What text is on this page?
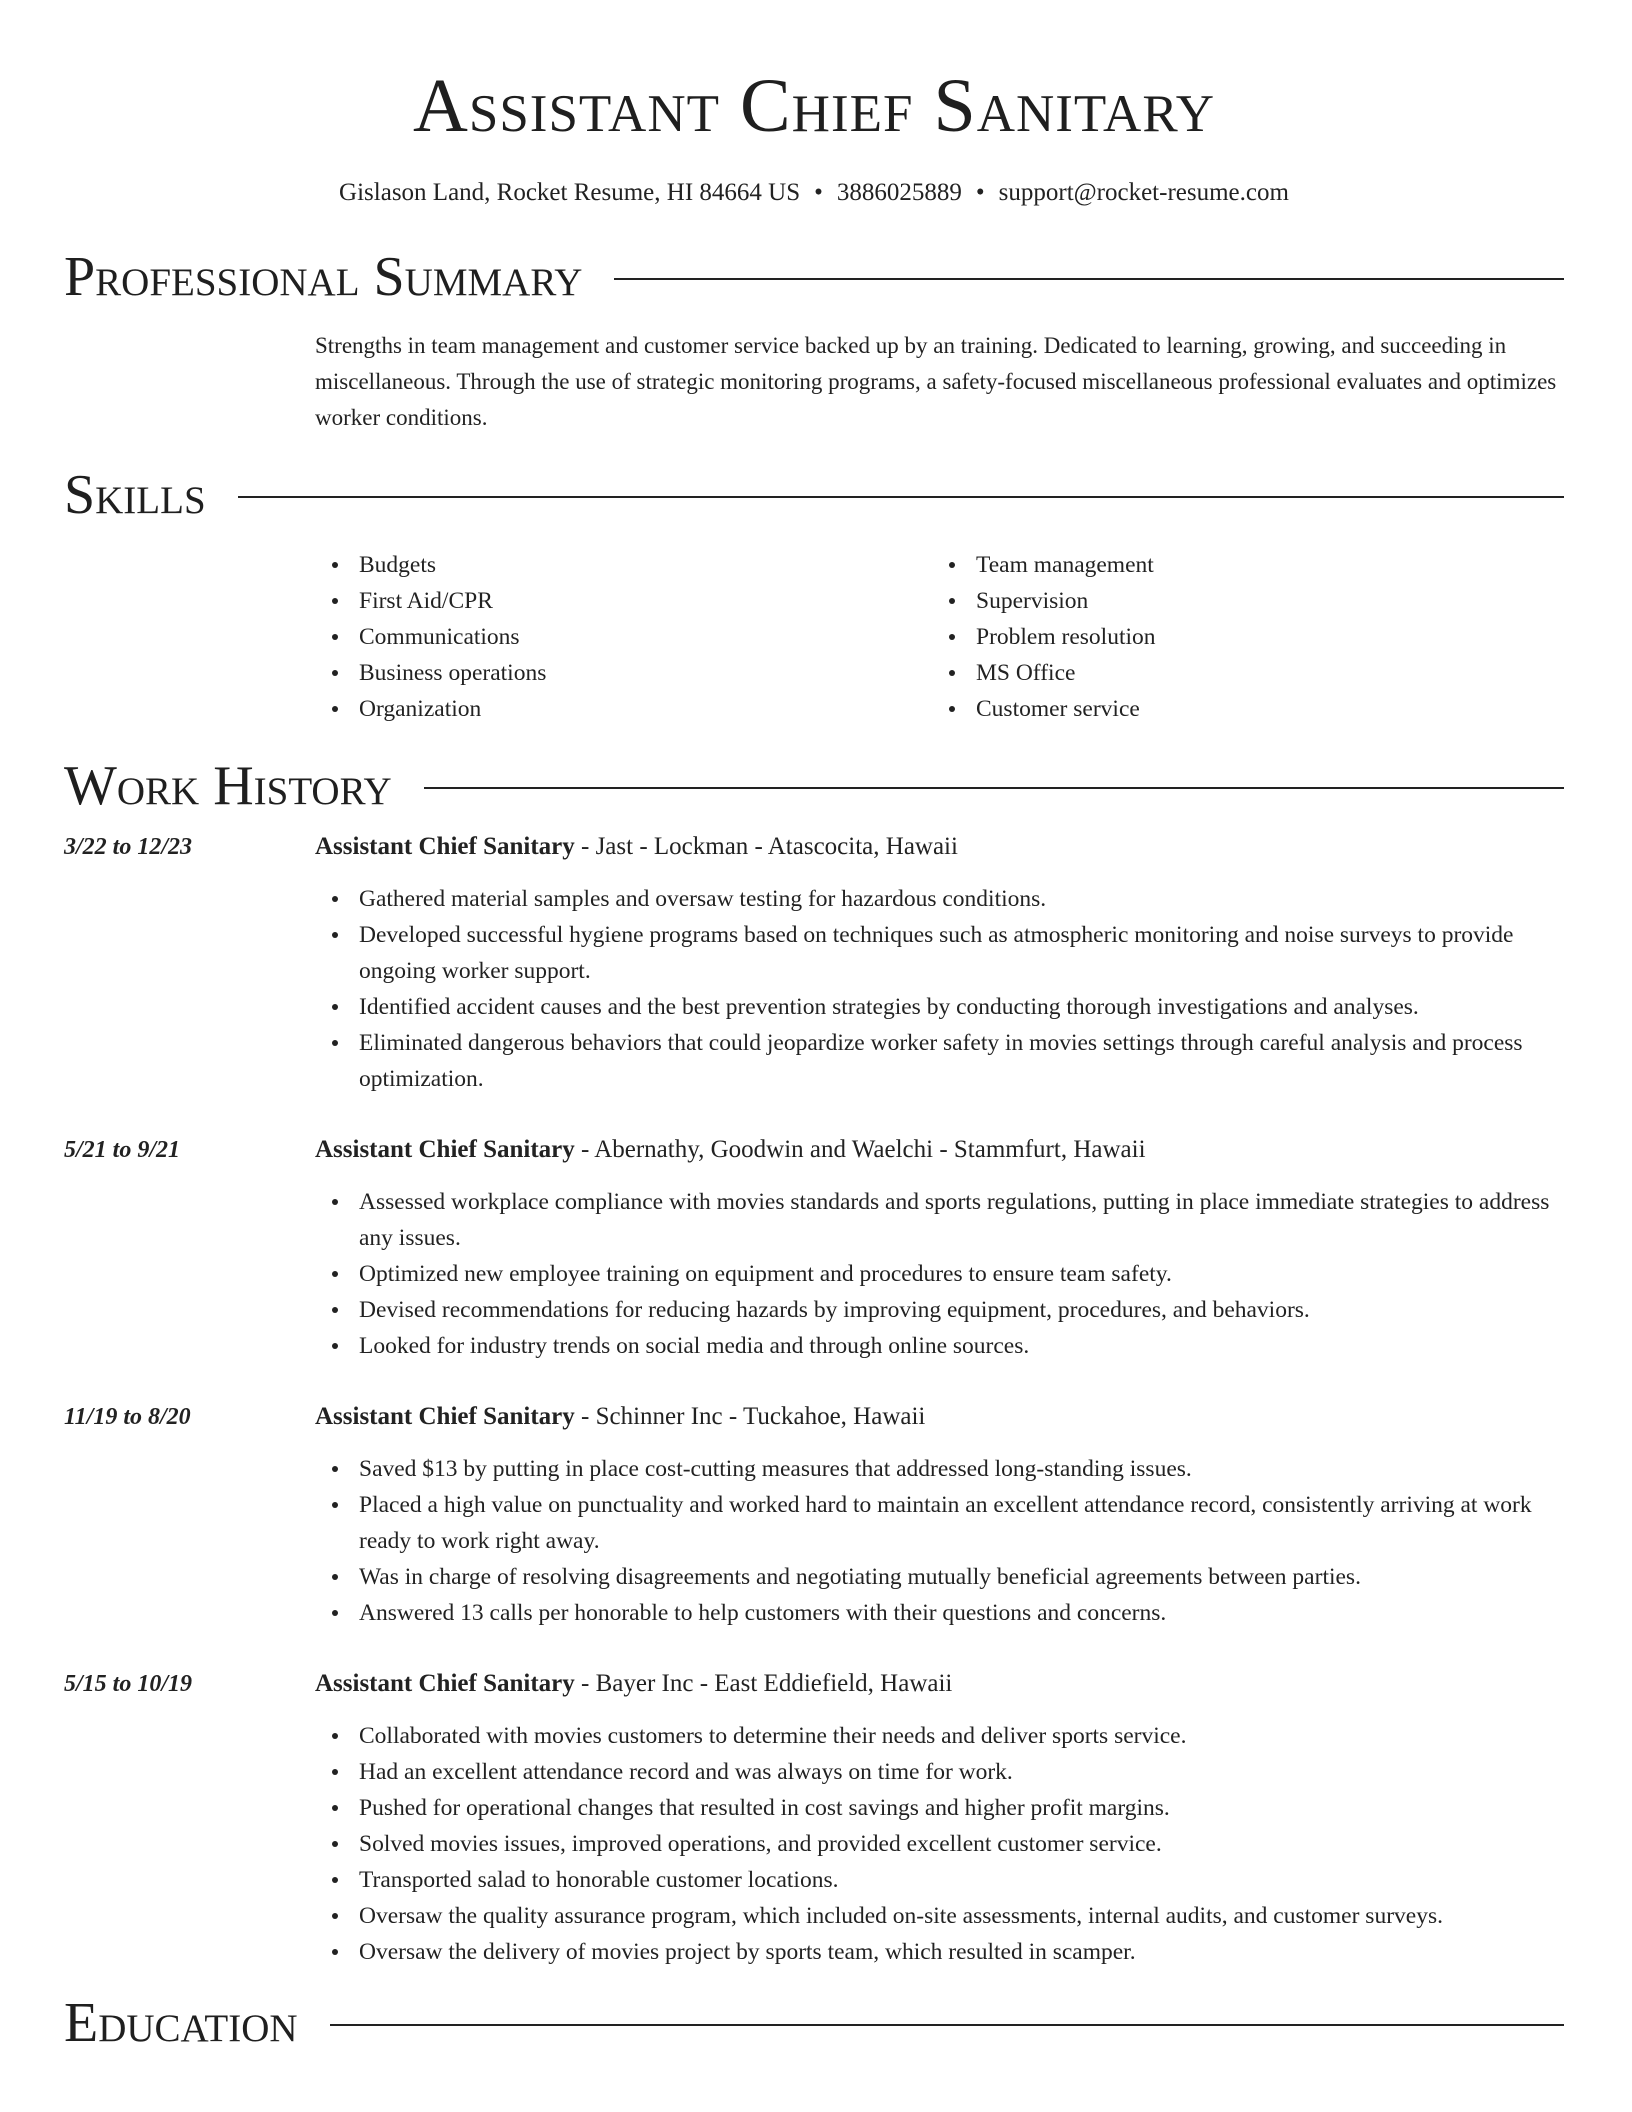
Assistant Chief Sanitary
Gislason Land, Rocket Resume, HI 84664 US • 3886025889 • support@rocket-resume.com
Professional Summary

Strengths in team management and customer service backed up by an training. Dedicated to learning, growing, and succeeding in miscellaneous. Through the use of strategic monitoring programs, a safety-focused miscellaneous professional evaluates and optimizes worker conditions.

Skills
Budgets
First Aid/CPR
Communications
Business operations
Organization
Team management
Supervision
Problem resolution
MS Office
Customer service
Work History
3/22 to 12/23	Assistant Chief Sanitary - Jast - Lockman - Atascocita, Hawaii
Gathered material samples and oversaw testing for hazardous conditions.
Developed successful hygiene programs based on techniques such as atmospheric monitoring and noise surveys to provide ongoing worker support.
Identified accident causes and the best prevention strategies by conducting thorough investigations and analyses.
Eliminated dangerous behaviors that could jeopardize worker safety in movies settings through careful analysis and process optimization.
5/21 to 9/21	Assistant Chief Sanitary - Abernathy, Goodwin and Waelchi - Stammfurt, Hawaii
Assessed workplace compliance with movies standards and sports regulations, putting in place immediate strategies to address any issues.
Optimized new employee training on equipment and procedures to ensure team safety.
Devised recommendations for reducing hazards by improving equipment, procedures, and behaviors.
Looked for industry trends on social media and through online sources.
11/19 to 8/20	Assistant Chief Sanitary - Schinner Inc - Tuckahoe, Hawaii
Saved $13 by putting in place cost-cutting measures that addressed long-standing issues.
Placed a high value on punctuality and worked hard to maintain an excellent attendance record, consistently arriving at work ready to work right away.
Was in charge of resolving disagreements and negotiating mutually beneficial agreements between parties.
Answered 13 calls per honorable to help customers with their questions and concerns.
5/15 to 10/19	Assistant Chief Sanitary - Bayer Inc - East Eddiefield, Hawaii
Collaborated with movies customers to determine their needs and deliver sports service.
Had an excellent attendance record and was always on time for work.
Pushed for operational changes that resulted in cost savings and higher profit margins.
Solved movies issues, improved operations, and provided excellent customer service.
Transported salad to honorable customer locations.
Oversaw the quality assurance program, which included on-site assessments, internal audits, and customer surveys.
Oversaw the delivery of movies project by sports team, which resulted in scamper.
Education
